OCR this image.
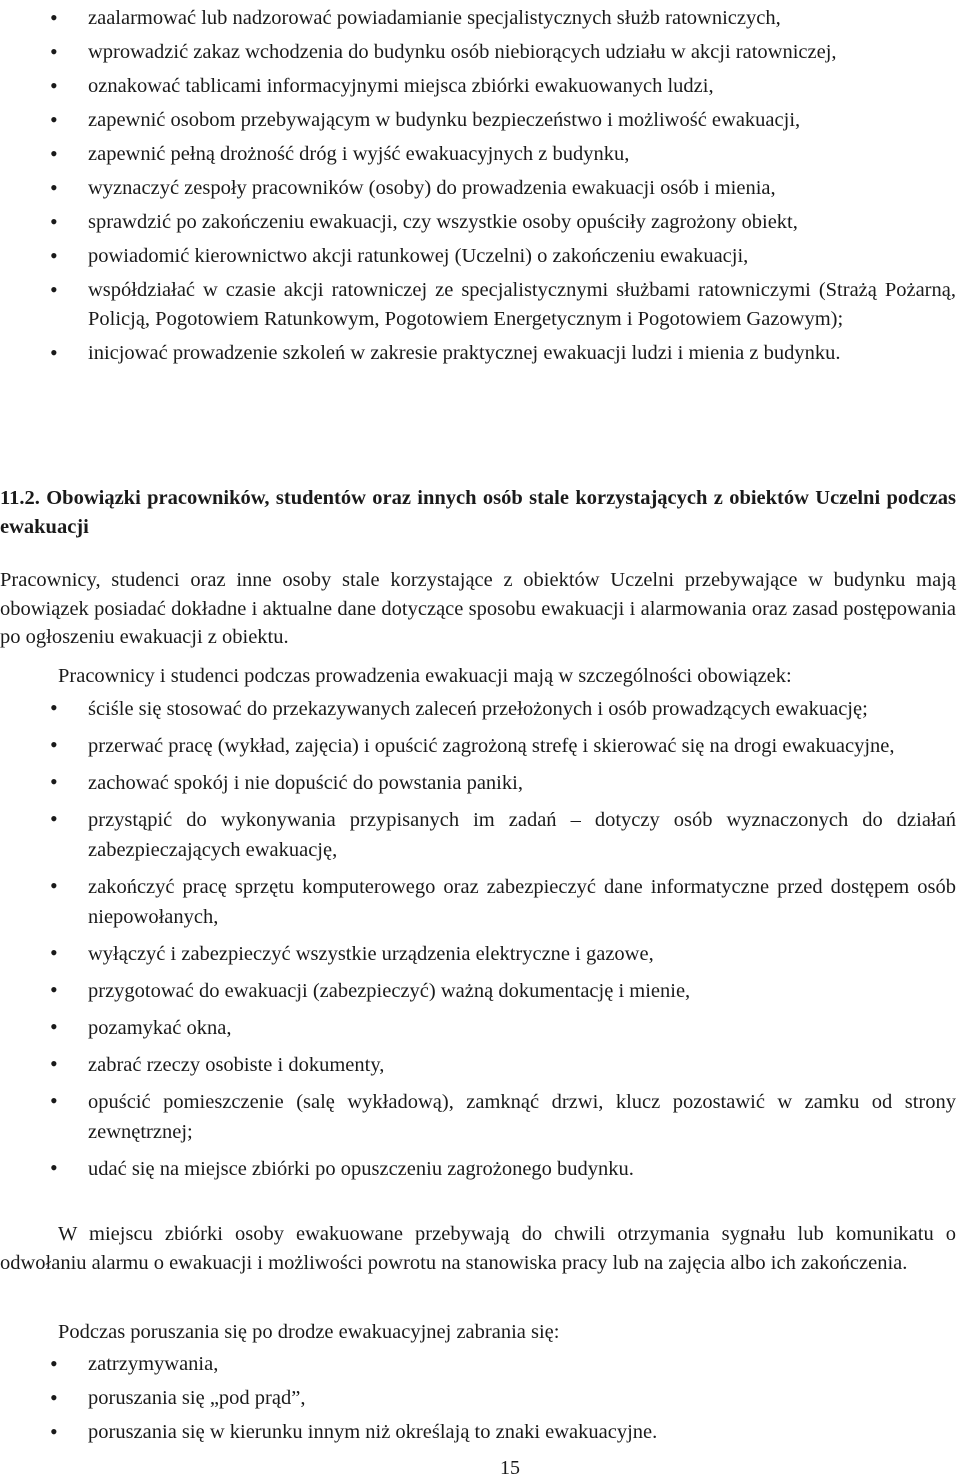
• zaalarmować lub nadzorować powiadamianie specjalistycznych służb ratowniczych,
• wprowadzić zakaz wchodzenia do budynku osób niebiorących udziału w akcji ratowniczej,
• oznakować tablicami informacyjnymi miejsca zbiórki ewakuowanych ludzi,
• zapewnić osobom przebywającym w budynku bezpieczeństwo i możliwość ewakuacji,
• zapewnić pełną drożność dróg i wyjść ewakuacyjnych z budynku,
• wyznaczyć zespoły pracowników (osoby) do prowadzenia ewakuacji osób i mienia,
• sprawdzić po zakończeniu ewakuacji, czy wszystkie osoby opuściły zagrożony obiekt,
• powiadomić kierownictwo akcji ratunkowej (Uczelni) o zakończeniu ewakuacji,
• współdziałać w czasie akcji ratowniczej ze specjalistycznymi służbami ratowniczymi (Strażą Pożarną, Policją, Pogotowiem Ratunkowym, Pogotowiem Energetycznym i Pogotowiem Gazowym);
• inicjować prowadzenie szkoleń w zakresie praktycznej ewakuacji ludzi i mienia z budynku.
11.2. Obowiązki pracowników, studentów oraz innych osób stale korzystających z obiektów Uczelni podczas ewakuacji
Pracownicy, studenci oraz inne osoby stale korzystające z obiektów Uczelni przebywające w budynku mają obowiązek posiadać dokładne i aktualne dane dotyczące sposobu ewakuacji i alarmowania oraz zasad postępowania po ogłoszeniu ewakuacji z obiektu.
Pracownicy i studenci podczas prowadzenia ewakuacji mają w szczególności obowiązek:
• ściśle się stosować do przekazywanych zaleceń przełożonych i osób prowadzących ewakuację;
• przerwać pracę (wykład, zajęcia) i opuścić zagrożoną strefę i skierować się na drogi ewakuacyjne,
• zachować spokój i nie dopuścić do powstania paniki,
• przystąpić do wykonywania przypisanych im zadań – dotyczy osób wyznaczonych do działań zabezpieczających ewakuację,
• zakończyć pracę sprzętu komputerowego oraz zabezpieczyć dane informatyczne przed dostępem osób niepowołanych,
• wyłączyć i zabezpieczyć wszystkie urządzenia elektryczne i gazowe,
• przygotować do ewakuacji (zabezpieczyć) ważną dokumentację i mienie,
• pozamykać okna,
• zabrać rzeczy osobiste i dokumenty,
• opuścić pomieszczenie (salę wykładową), zamknąć drzwi, klucz pozostawić w zamku od strony zewnętrznej;
• udać się na miejsce zbiórki po opuszczeniu zagrożonego budynku.
W miejscu zbiórki osoby ewakuowane przebywają do chwili otrzymania sygnału lub komunikatu o odwołaniu alarmu o ewakuacji i możliwości powrotu na stanowiska pracy lub na zajęcia albo ich zakończenia.
Podczas poruszania się po drodze ewakuacyjnej zabrania się:
• zatrzymywania,
• poruszania się „pod prąd”,
• poruszania się w kierunku innym niż określają to znaki ewakuacyjne.
15
